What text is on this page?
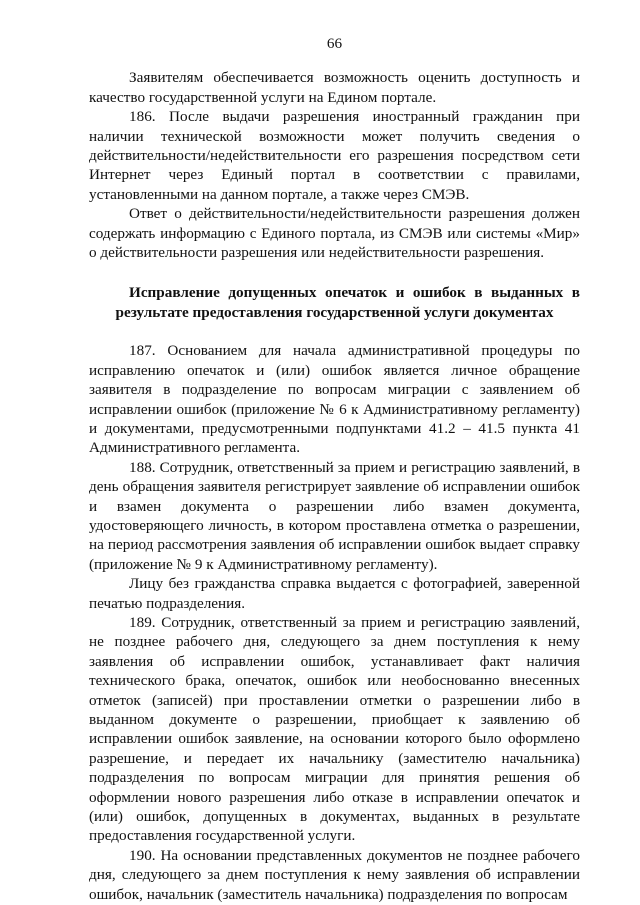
66

Заявителям обеспечивается возможность оценить доступность и качество государственной услуги на Едином портале.

186. После выдачи разрешения иностранный гражданин при наличии технической возможности может получить сведения о действительности/недействительности его разрешения посредством сети Интернет через Единый портал в соответствии с правилами, установленными на данном портале, а также через СМЭВ.

Ответ о действительности/недействительности разрешения должен содержать информацию с Единого портала, из СМЭВ или системы «Мир» о действительности разрешения или недействительности разрешения.

Исправление допущенных опечаток и ошибок в выданных в результате предоставления государственной услуги документах

187. Основанием для начала административной процедуры по исправлению опечаток и (или) ошибок является личное обращение заявителя в подразделение по вопросам миграции с заявлением об исправлении ошибок (приложение № 6 к Административному регламенту) и документами, предусмотренными подпунктами 41.2 – 41.5 пункта 41 Административного регламента.

188. Сотрудник, ответственный за прием и регистрацию заявлений, в день обращения заявителя регистрирует заявление об исправлении ошибок и взамен документа о разрешении либо взамен документа, удостоверяющего личность, в котором проставлена отметка о разрешении, на период рассмотрения заявления об исправлении ошибок выдает справку (приложение № 9 к Административному регламенту).

Лицу без гражданства справка выдается с фотографией, заверенной печатью подразделения.

189. Сотрудник, ответственный за прием и регистрацию заявлений, не позднее рабочего дня, следующего за днем поступления к нему заявления об исправлении ошибок, устанавливает факт наличия технического брака, опечаток, ошибок или необоснованно внесенных отметок (записей) при проставлении отметки о разрешении либо в выданном документе о разрешении, приобщает к заявлению об исправлении ошибок заявление, на основании которого было оформлено разрешение, и передает их начальнику (заместителю начальника) подразделения по вопросам миграции для принятия решения об оформлении нового разрешения либо отказе в исправлении опечаток и (или) ошибок, допущенных в документах, выданных в результате предоставления государственной услуги.

190. На основании представленных документов не позднее рабочего дня, следующего за днем поступления к нему заявления об исправлении ошибок, начальник (заместитель начальника) подразделения по вопросам
